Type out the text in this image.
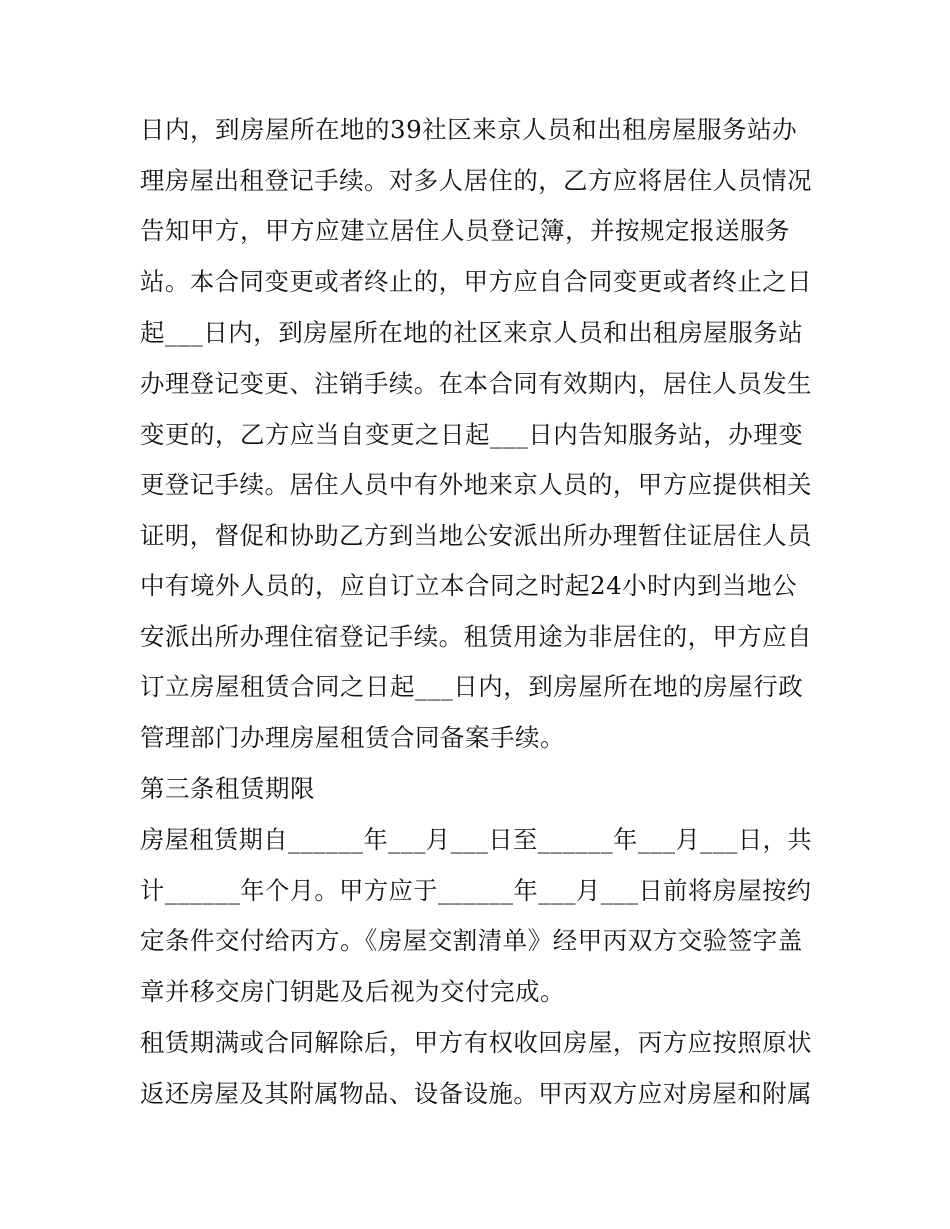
日内，到房屋所在地的39社区来京人员和出租房屋服务站办
理房屋出租登记手续。对多人居住的，乙方应将居住人员情况
告知甲方，甲方应建立居住人员登记簿，并按规定报送服务
站。本合同变更或者终止的，甲方应自合同变更或者终止之日
起___日内，到房屋所在地的社区来京人员和出租房屋服务站
办理登记变更、注销手续。在本合同有效期内，居住人员发生
变更的，乙方应当自变更之日起___日内告知服务站，办理变
更登记手续。居住人员中有外地来京人员的，甲方应提供相关
证明，督促和协助乙方到当地公安派出所办理暂住证居住人员
中有境外人员的，应自订立本合同之时起24小时内到当地公
安派出所办理住宿登记手续。租赁用途为非居住的，甲方应自
订立房屋租赁合同之日起___日内，到房屋所在地的房屋行政
管理部门办理房屋租赁合同备案手续。
第三条租赁期限
房屋租赁期自______年___月___日至______年___月___日，共
计______年个月。甲方应于______年___月___日前将房屋按约
定条件交付给丙方。《房屋交割清单》经甲丙双方交验签字盖
章并移交房门钥匙及后视为交付完成。
租赁期满或合同解除后，甲方有权收回房屋，丙方应按照原状
返还房屋及其附属物品、设备设施。甲丙双方应对房屋和附属
